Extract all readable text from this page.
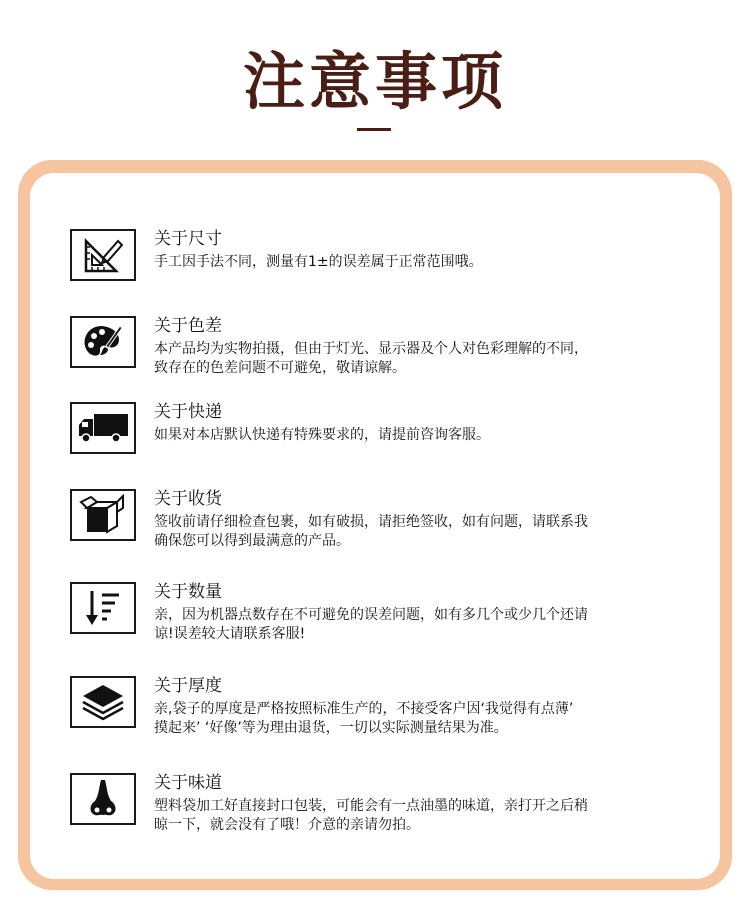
注意事项
关于尺寸
手工因手法不同，测量有1±的误差属于正常范围哦。
关于色差
本产品均为实物拍摄，但由于灯光、显示器及个人对色彩理解的不同，
致存在的色差问题不可避免，敬请谅解。
关于快递
如果对本店默认快递有特殊要求的，请提前咨询客服。
关于收货
签收前请仔细检查包裹，如有破损，请拒绝签收，如有问题，请联系我
确保您可以得到最满意的产品。
关于数量
亲，因为机器点数存在不可避免的误差问题，如有多几个或少几个还请
谅!误差较大请联系客服!
关于厚度
亲,袋子的厚度是严格按照标准生产的，不接受客户因‘我觉得有点薄’
摸起来’ ‘好像’等为理由退货，一切以实际测量结果为准。
关于味道
塑料袋加工好直接封口包装，可能会有一点油墨的味道，亲打开之后稍
晾一下，就会没有了哦！介意的亲请勿拍。
